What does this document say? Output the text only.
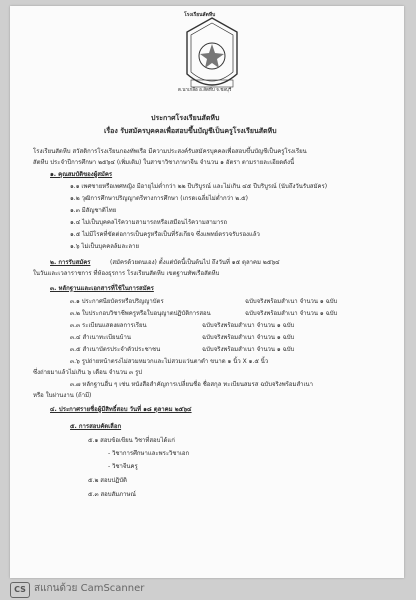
โรงเรียนสัตหีบ
ต.นาเกลือ อ.สัตหีบ จ.ชลบุรี
ประกาศโรงเรียนสัตหีบ
เรื่อง รับสมัครบุคคลเพื่อสอบขึ้นบัญชีเป็นครูโรงเรียนสัตหีบ
โรงเรียนสัตหีบ สวัสดิการโรงเรียนกองทัพเรือ มีความประสงค์รับสมัครบุคคลเพื่อสอบขึ้นบัญชีเป็นครูโรงเรียน
สัตหีบ ประจำปีการศึกษา ๒๕๖๔ (เพิ่มเติม) ในสาขาวิชาภาษาจีน จำนวน ๑ อัตรา ตามรายละเอียดดังนี้
๑. คุณสมบัติของผู้สมัคร
๑.๑ เพศชายหรือเพศหญิง มีอายุไม่ต่ำกว่า ๒๒ ปีบริบูรณ์ และไม่เกิน ๔๕ ปีบริบูรณ์ (นับถึงวันรับสมัคร)
๑.๒ วุฒิการศึกษาปริญญาตรีทางการศึกษา (เกรดเฉลี่ยไม่ต่ำกว่า ๒.๕)
๑.๓ มีสัญชาติไทย
๑.๔ ไม่เป็นบุคคลไร้ความสามารถหรือเสมือนไร้ความสามารถ
๑.๕ ไม่มีโรคที่ขัดต่อการเป็นครูหรือเป็นที่รังเกียจ ซึ่งแพทย์ตรวจรับรองแล้ว
๑.๖ ไม่เป็นบุคคลล้มละลาย
๒. การรับสมัคร	(สมัครด้วยตนเอง) ตั้งแต่บัดนี้เป็นต้นไป ถึงวันที่ ๑๕ ตุลาคม ๒๕๖๔
ในวันและเวลาราชการ ที่ห้องธุรการ โรงเรียนสัตหีบ เขตฐานทัพเรือสัตหีบ
๓. หลักฐานและเอกสารที่ใช้ในการสมัคร
๓.๑ ประกาศนียบัตรหรือปริญญาบัตร	ฉบับจริงพร้อมสำเนา จำนวน ๑ ฉบับ
๓.๒ ใบประกอบวิชาชีพครูหรือใบอนุญาตปฏิบัติการสอน	ฉบับจริงพร้อมสำเนา จำนวน ๑ ฉบับ
๓.๓ ระเบียนแสดงผลการเรียน	ฉบับจริงพร้อมสำเนา จำนวน ๑ ฉบับ
๓.๔ สำเนาทะเบียนบ้าน	ฉบับจริงพร้อมสำเนา จำนวน ๑ ฉบับ
๓.๕ สำเนาบัตรประจำตัวประชาชน	ฉบับจริงพร้อมสำเนา จำนวน ๑ ฉบับ
๓.๖ รูปถ่ายหน้าตรงไม่สวมหมวกและไม่สวมแว่นตาดำ ขนาด ๑ นิ้ว X ๑.๕ นิ้ว
ซึ่งถ่ายมาแล้วไม่เกิน ๖ เดือน จำนวน ๓ รูป
๓.๗ หลักฐานอื่น ๆ เช่น หนังสือสำคัญการเปลี่ยนชื่อ ชื่อสกุล ทะเบียนสมรส ฉบับจริงพร้อมสำเนา
หรือ ใบผ่านงาน (ถ้ามี)
๔. ประกาศรายชื่อผู้มีสิทธิ์สอบ วันที่ ๑๘ ตุลาคม ๒๕๖๔
๕. การสอบคัดเลือก
๕.๑ สอบข้อเขียน วิชาที่สอบได้แก่
- วิชาการศึกษาและพระวิชาเอก
- วิชาจีนครู
๕.๒ สอบปฏิบัติ
๕.๓ สอบสัมภาษณ์
CS สแกนด้วย CamScanner
